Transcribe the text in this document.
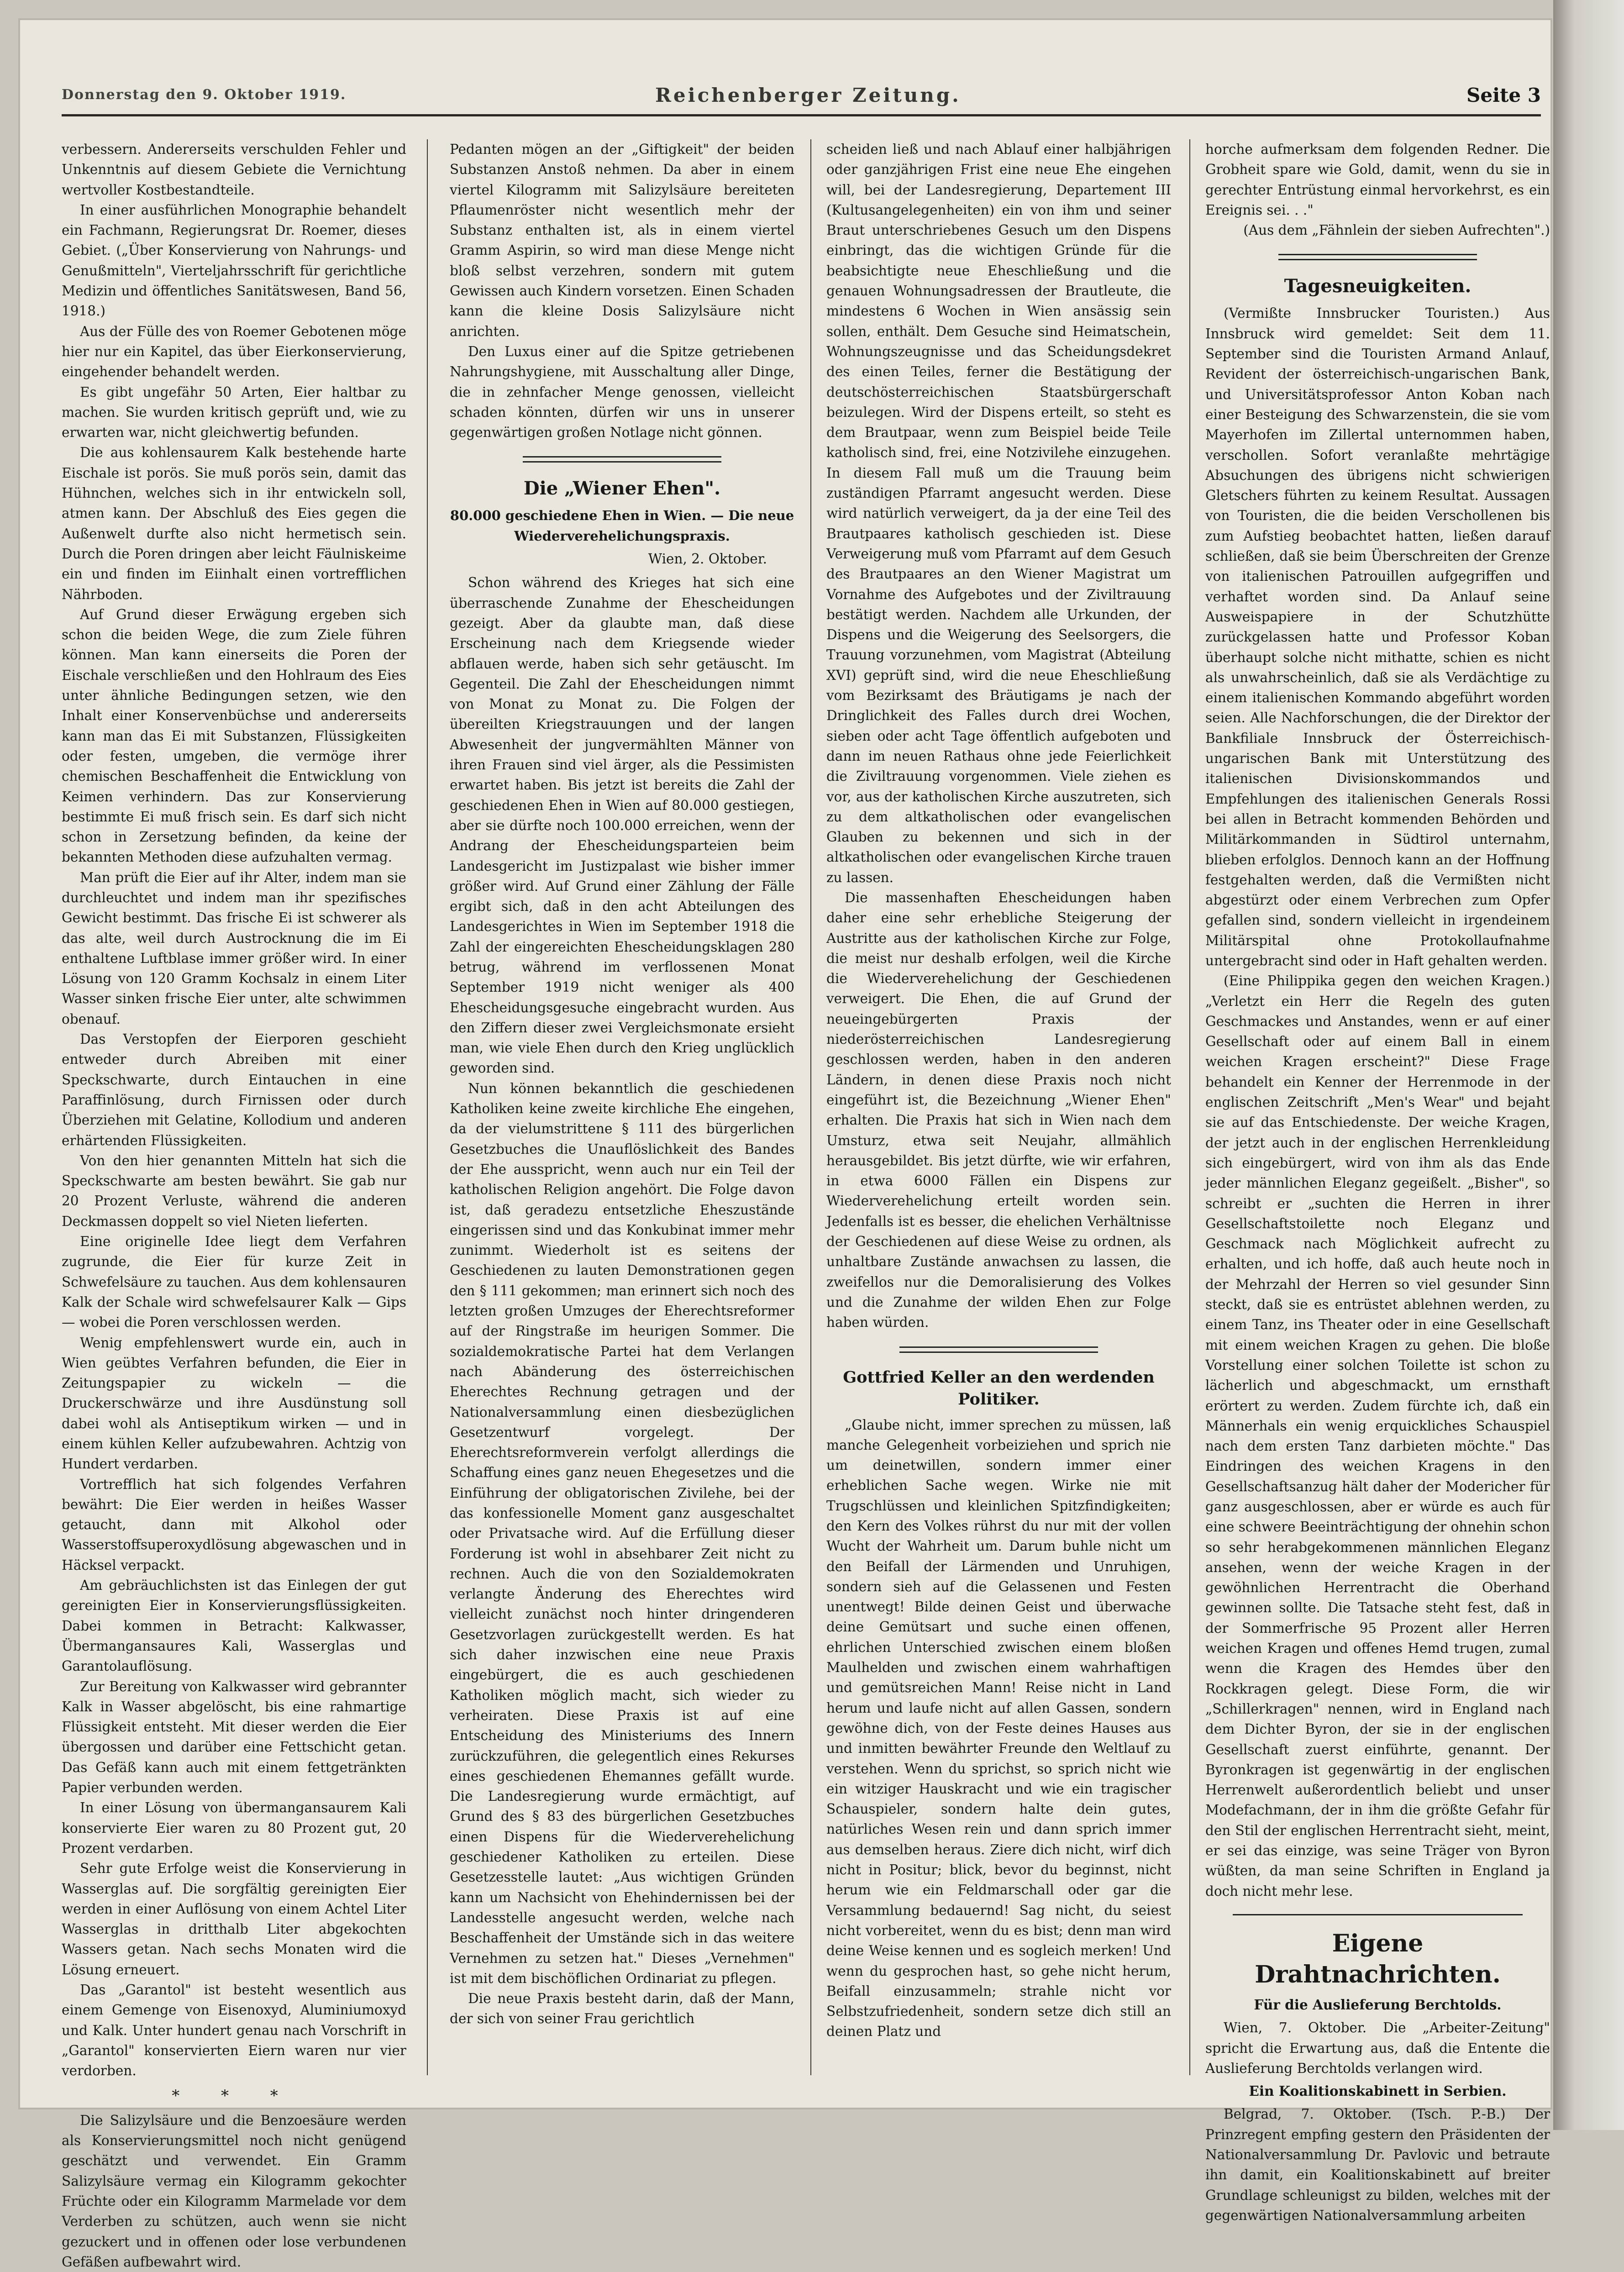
Donnerstag den 9. Oktober 1919.	Reichenberger Zeitung.	Seite 3

verbessern. Andererseits verschulden Fehler und Unkenntnis auf diesem Gebiete die Vernichtung wertvoller Kostbestandteile.

In einer ausführlichen Monographie behandelt ein Fachmann, Regierungsrat Dr. Roemer, dieses Gebiet. („Über Konservierung von Nahrungs- und Genußmitteln", Vierteljahrsschrift für gerichtliche Medizin und öffentliches Sanitätswesen, Band 56, 1918.)

Aus der Fülle des von Roemer Gebotenen möge hier nur ein Kapitel, das über Eierkonservierung, eingehender behandelt werden.

Es gibt ungefähr 50 Arten, Eier haltbar zu machen. Sie wurden kritisch geprüft und, wie zu erwarten war, nicht gleichwertig befunden.

Die aus kohlensaurem Kalk bestehende harte Eischale ist porös. Sie muß porös sein, damit das Hühnchen, welches sich in ihr entwickeln soll, atmen kann. Der Abschluß des Eies gegen die Außenwelt durfte also nicht hermetisch sein. Durch die Poren dringen aber leicht Fäulniskeime ein und finden im Eiinhalt einen vortrefflichen Nährboden.

Auf Grund dieser Erwägung ergeben sich schon die beiden Wege, die zum Ziele führen können. Man kann einerseits die Poren der Eischale verschließen und den Hohlraum des Eies unter ähnliche Bedingungen setzen, wie den Inhalt einer Konservenbüchse und andererseits kann man das Ei mit Substanzen, Flüssigkeiten oder festen, umgeben, die vermöge ihrer chemischen Beschaffenheit die Entwicklung von Keimen verhindern. Das zur Konservierung bestimmte Ei muß frisch sein. Es darf sich nicht schon in Zersetzung befinden, da keine der bekannten Methoden diese aufzuhalten vermag.

Man prüft die Eier auf ihr Alter, indem man sie durchleuchtet und indem man ihr spezifisches Gewicht bestimmt. Das frische Ei ist schwerer als das alte, weil durch Austrocknung die im Ei enthaltene Luftblase immer größer wird. In einer Lösung von 120 Gramm Kochsalz in einem Liter Wasser sinken frische Eier unter, alte schwimmen obenauf.

Das Verstopfen der Eierporen geschieht entweder durch Abreiben mit einer Speckschwarte, durch Eintauchen in eine Paraffinlösung, durch Firnissen oder durch Überziehen mit Gelatine, Kollodium und anderen erhärtenden Flüssigkeiten.

Von den hier genannten Mitteln hat sich die Speckschwarte am besten bewährt. Sie gab nur 20 Prozent Verluste, während die anderen Deckmassen doppelt so viel Nieten lieferten.

Eine originelle Idee liegt dem Verfahren zugrunde, die Eier für kurze Zeit in Schwefelsäure zu tauchen. Aus dem kohlensauren Kalk der Schale wird schwefelsaurer Kalk — Gips — wobei die Poren verschlossen werden.

Wenig empfehlenswert wurde ein, auch in Wien geübtes Verfahren befunden, die Eier in Zeitungspapier zu wickeln — die Druckerschwärze und ihre Ausdünstung soll dabei wohl als Antiseptikum wirken — und in einem kühlen Keller aufzubewahren. Achtzig von Hundert verdarben.

Vortrefflich hat sich folgendes Verfahren bewährt: Die Eier werden in heißes Wasser getaucht, dann mit Alkohol oder Wasserstoffsuperoxydlösung abgewaschen und in Häcksel verpackt.

Am gebräuchlichsten ist das Einlegen der gut gereinigten Eier in Konservierungsflüssigkeiten. Dabei kommen in Betracht: Kalkwasser, Übermangansaures Kali, Wasserglas und Garantolauflösung.

Zur Bereitung von Kalkwasser wird gebrannter Kalk in Wasser abgelöscht, bis eine rahmartige Flüssigkeit entsteht. Mit dieser werden die Eier übergossen und darüber eine Fettschicht getan. Das Gefäß kann auch mit einem fettgetränkten Papier verbunden werden.

In einer Lösung von übermangansaurem Kali konservierte Eier waren zu 80 Prozent gut, 20 Prozent verdarben.

Sehr gute Erfolge weist die Konservierung in Wasserglas auf. Die sorgfältig gereinigten Eier werden in einer Auflösung von einem Achtel Liter Wasserglas in dritthalb Liter abgekochten Wassers getan. Nach sechs Monaten wird die Lösung erneuert.

Das „Garantol" ist besteht wesentlich aus einem Gemenge von Eisenoxyd, Aluminiumoxyd und Kalk. Unter hundert genau nach Vorschrift in „Garantol" konservierten Eiern waren nur vier verdorben.

* * *

Die Salizylsäure und die Benzoesäure werden als Konservierungsmittel noch nicht genügend geschätzt und verwendet. Ein Gramm Salizylsäure vermag ein Kilogramm gekochter Früchte oder ein Kilogramm Marmelade vor dem Verderben zu schützen, auch wenn sie nicht gezuckert und in offenen oder lose verbundenen Gefäßen aufbewahrt wird.

Pedanten mögen an der „Giftigkeit" der beiden Substanzen Anstoß nehmen. Da aber in einem viertel Kilogramm mit Salizylsäure bereiteten Pflaumenröster nicht wesentlich mehr der Substanz enthalten ist, als in einem viertel Gramm Aspirin, so wird man diese Menge nicht bloß selbst verzehren, sondern mit gutem Gewissen auch Kindern vorsetzen. Einen Schaden kann die kleine Dosis Salizylsäure nicht anrichten.

Den Luxus einer auf die Spitze getriebenen Nahrungshygiene, mit Ausschaltung aller Dinge, die in zehnfacher Menge genossen, vielleicht schaden könnten, dürfen wir uns in unserer gegenwärtigen großen Notlage nicht gönnen.

Die „Wiener Ehen".
80.000 geschiedene Ehen in Wien. — Die neue Wiederverehelichungspraxis.
Wien, 2. Oktober.

Schon während des Krieges hat sich eine überraschende Zunahme der Ehescheidungen gezeigt. Aber da glaubte man, daß diese Erscheinung nach dem Kriegsende wieder abflauen werde, haben sich sehr getäuscht. Im Gegenteil. Die Zahl der Ehescheidungen nimmt von Monat zu Monat zu. Die Folgen der übereilten Kriegstrauungen und der langen Abwesenheit der jungvermählten Männer von ihren Frauen sind viel ärger, als die Pessimisten erwartet haben. Bis jetzt ist bereits die Zahl der geschiedenen Ehen in Wien auf 80.000 gestiegen, aber sie dürfte noch 100.000 erreichen, wenn der Andrang der Ehescheidungsparteien beim Landesgericht im Justizpalast wie bisher immer größer wird. Auf Grund einer Zählung der Fälle ergibt sich, daß in den acht Abteilungen des Landesgerichtes in Wien im September 1918 die Zahl der eingereichten Ehescheidungsklagen 280 betrug, während im verflossenen Monat September 1919 nicht weniger als 400 Ehescheidungsgesuche eingebracht wurden. Aus den Ziffern dieser zwei Vergleichsmonate ersieht man, wie viele Ehen durch den Krieg unglücklich geworden sind.

Nun können bekanntlich die geschiedenen Katholiken keine zweite kirchliche Ehe eingehen, da der vielumstrittene § 111 des bürgerlichen Gesetzbuches die Unauflöslichkeit des Bandes der Ehe ausspricht, wenn auch nur ein Teil der katholischen Religion angehört. Die Folge davon ist, daß geradezu entsetzliche Eheszustände eingerissen sind und das Konkubinat immer mehr zunimmt. Wiederholt ist es seitens der Geschiedenen zu lauten Demonstrationen gegen den § 111 gekommen; man erinnert sich noch des letzten großen Umzuges der Eherechtsreformer auf der Ringstraße im heurigen Sommer. Die sozialdemokratische Partei hat dem Verlangen nach Abänderung des österreichischen Eherechtes Rechnung getragen und der Nationalversammlung einen diesbezüglichen Gesetzentwurf vorgelegt. Der Eherechtsreformverein verfolgt allerdings die Schaffung eines ganz neuen Ehegesetzes und die Einführung der obligatorischen Zivilehe, bei der das konfessionelle Moment ganz ausgeschaltet oder Privatsache wird. Auf die Erfüllung dieser Forderung ist wohl in absehbarer Zeit nicht zu rechnen. Auch die von den Sozialdemokraten verlangte Änderung des Eherechtes wird vielleicht zunächst noch hinter dringenderen Gesetzvorlagen zurückgestellt werden. Es hat sich daher inzwischen eine neue Praxis eingebürgert, die es auch geschiedenen Katholiken möglich macht, sich wieder zu verheiraten. Diese Praxis ist auf eine Entscheidung des Ministeriums des Innern zurückzuführen, die gelegentlich eines Rekurses eines geschiedenen Ehemannes gefällt wurde. Die Landesregierung wurde ermächtigt, auf Grund des § 83 des bürgerlichen Gesetzbuches einen Dispens für die Wiederverehelichung geschiedener Katholiken zu erteilen. Diese Gesetzesstelle lautet: „Aus wichtigen Gründen kann um Nachsicht von Ehehindernissen bei der Landesstelle angesucht werden, welche nach Beschaffenheit der Umstände sich in das weitere Vernehmen zu setzen hat." Dieses „Vernehmen" ist mit dem bischöflichen Ordinariat zu pflegen.

Die neue Praxis besteht darin, daß der Mann, der sich von seiner Frau gerichtlich

scheiden ließ und nach Ablauf einer halbjährigen oder ganzjährigen Frist eine neue Ehe eingehen will, bei der Landesregierung, Departement III (Kultusangelegenheiten) ein von ihm und seiner Braut unterschriebenes Gesuch um den Dispens einbringt, das die wichtigen Gründe für die beabsichtigte neue Eheschließung und die genauen Wohnungsadressen der Brautleute, die mindestens 6 Wochen in Wien ansässig sein sollen, enthält. Dem Gesuche sind Heimatschein, Wohnungszeugnisse und das Scheidungsdekret des einen Teiles, ferner die Bestätigung der deutschösterreichischen Staatsbürgerschaft beizulegen. Wird der Dispens erteilt, so steht es dem Brautpaar, wenn zum Beispiel beide Teile katholisch sind, frei, eine Notzivilehe einzugehen. In diesem Fall muß um die Trauung beim zuständigen Pfarramt angesucht werden. Diese wird natürlich verweigert, da ja der eine Teil des Brautpaares katholisch geschieden ist. Diese Verweigerung muß vom Pfarramt auf dem Gesuch des Brautpaares an den Wiener Magistrat um Vornahme des Aufgebotes und der Ziviltrauung bestätigt werden. Nachdem alle Urkunden, der Dispens und die Weigerung des Seelsorgers, die Trauung vorzunehmen, vom Magistrat (Abteilung XVI) geprüft sind, wird die neue Eheschließung vom Bezirksamt des Bräutigams je nach der Dringlichkeit des Falles durch drei Wochen, sieben oder acht Tage öffentlich aufgeboten und dann im neuen Rathaus ohne jede Feierlichkeit die Ziviltrauung vorgenommen. Viele ziehen es vor, aus der katholischen Kirche auszutreten, sich zu dem altkatholischen oder evangelischen Glauben zu bekennen und sich in der altkatholischen oder evangelischen Kirche trauen zu lassen.

Die massenhaften Ehescheidungen haben daher eine sehr erhebliche Steigerung der Austritte aus der katholischen Kirche zur Folge, die meist nur deshalb erfolgen, weil die Kirche die Wiederverehelichung der Geschiedenen verweigert. Die Ehen, die auf Grund der neueingebürgerten Praxis der niederösterreichischen Landesregierung geschlossen werden, haben in den anderen Ländern, in denen diese Praxis noch nicht eingeführt ist, die Bezeichnung „Wiener Ehen" erhalten. Die Praxis hat sich in Wien nach dem Umsturz, etwa seit Neujahr, allmählich herausgebildet. Bis jetzt dürfte, wie wir erfahren, in etwa 6000 Fällen ein Dispens zur Wiederverehelichung erteilt worden sein. Jedenfalls ist es besser, die ehelichen Verhältnisse der Geschiedenen auf diese Weise zu ordnen, als unhaltbare Zustände anwachsen zu lassen, die zweifellos nur die Demoralisierung des Volkes und die Zunahme der wilden Ehen zur Folge haben würden.

Gottfried Keller an den werdenden Politiker.

„Glaube nicht, immer sprechen zu müssen, laß manche Gelegenheit vorbeiziehen und sprich nie um deinetwillen, sondern immer einer erheblichen Sache wegen. Wirke nie mit Trugschlüssen und kleinlichen Spitzfindigkeiten; den Kern des Volkes rührst du nur mit der vollen Wucht der Wahrheit um. Darum buhle nicht um den Beifall der Lärmenden und Unruhigen, sondern sieh auf die Gelassenen und Festen unentwegt! Bilde deinen Geist und überwache deine Gemütsart und suche einen offenen, ehrlichen Unterschied zwischen einem bloßen Maulhelden und zwischen einem wahrhaftigen und gemütsreichen Mann! Reise nicht in Land herum und laufe nicht auf allen Gassen, sondern gewöhne dich, von der Feste deines Hauses aus und inmitten bewährter Freunde den Weltlauf zu verstehen. Wenn du sprichst, so sprich nicht wie ein witziger Hauskracht und wie ein tragischer Schauspieler, sondern halte dein gutes, natürliches Wesen rein und dann sprich immer aus demselben heraus. Ziere dich nicht, wirf dich nicht in Positur; blick, bevor du beginnst, nicht herum wie ein Feldmarschall oder gar die Versammlung bedauernd! Sag nicht, du seiest nicht vorbereitet, wenn du es bist; denn man wird deine Weise kennen und es sogleich merken! Und wenn du gesprochen hast, so gehe nicht herum, Beifall einzusammeln; strahle nicht vor Selbstzufriedenheit, sondern setze dich still an deinen Platz und

horche aufmerksam dem folgenden Redner. Die Grobheit spare wie Gold, damit, wenn du sie in gerechter Entrüstung einmal hervorkehrst, es ein Ereignis sei. . ."

(Aus dem „Fähnlein der sieben Aufrechten".)

Tagesneuigkeiten.

(Vermißte Innsbrucker Touristen.) Aus Innsbruck wird gemeldet: Seit dem 11. September sind die Touristen Armand Anlauf, Revident der österreichisch-ungarischen Bank, und Universitätsprofessor Anton Koban nach einer Besteigung des Schwarzenstein, die sie vom Mayerhofen im Zillertal unternommen haben, verschollen. Sofort veranlaßte mehrtägige Absuchungen des übrigens nicht schwierigen Gletschers führten zu keinem Resultat. Aussagen von Touristen, die die beiden Verschollenen bis zum Aufstieg beobachtet hatten, ließen darauf schließen, daß sie beim Überschreiten der Grenze von italienischen Patrouillen aufgegriffen und verhaftet worden sind. Da Anlauf seine Ausweispapiere in der Schutzhütte zurückgelassen hatte und Professor Koban überhaupt solche nicht mithatte, schien es nicht als unwahrscheinlich, daß sie als Verdächtige zu einem italienischen Kommando abgeführt worden seien. Alle Nachforschungen, die der Direktor der Bankfiliale Innsbruck der Österreichisch-ungarischen Bank mit Unterstützung des italienischen Divisionskommandos und Empfehlungen des italienischen Generals Rossi bei allen in Betracht kommenden Behörden und Militärkommanden in Südtirol unternahm, blieben erfolglos. Dennoch kann an der Hoffnung festgehalten werden, daß die Vermißten nicht abgestürzt oder einem Verbrechen zum Opfer gefallen sind, sondern vielleicht in irgendeinem Militärspital ohne Protokollaufnahme untergebracht sind oder in Haft gehalten werden.

(Eine Philippika gegen den weichen Kragen.) „Verletzt ein Herr die Regeln des guten Geschmackes und Anstandes, wenn er auf einer Gesellschaft oder auf einem Ball in einem weichen Kragen erscheint?" Diese Frage behandelt ein Kenner der Herrenmode in der englischen Zeitschrift „Men's Wear" und bejaht sie auf das Entschiedenste. Der weiche Kragen, der jetzt auch in der englischen Herrenkleidung sich eingebürgert, wird von ihm als das Ende jeder männlichen Eleganz gegeißelt. „Bisher", so schreibt er „suchten die Herren in ihrer Gesellschaftstoilette noch Eleganz und Geschmack nach Möglichkeit aufrecht zu erhalten, und ich hoffe, daß auch heute noch in der Mehrzahl der Herren so viel gesunder Sinn steckt, daß sie es entrüstet ablehnen werden, zu einem Tanz, ins Theater oder in eine Gesellschaft mit einem weichen Kragen zu gehen. Die bloße Vorstellung einer solchen Toilette ist schon zu lächerlich und abgeschmackt, um ernsthaft erörtert zu werden. Zudem fürchte ich, daß ein Männerhals ein wenig erquickliches Schauspiel nach dem ersten Tanz darbieten möchte." Das Eindringen des weichen Kragens in den Gesellschaftsanzug hält daher der Modericher für ganz ausgeschlossen, aber er würde es auch für eine schwere Beeinträchtigung der ohnehin schon so sehr herabgekommenen männlichen Eleganz ansehen, wenn der weiche Kragen in der gewöhnlichen Herrentracht die Oberhand gewinnen sollte. Die Tatsache steht fest, daß in der Sommerfrische 95 Prozent aller Herren weichen Kragen und offenes Hemd trugen, zumal wenn die Kragen des Hemdes über den Rockkragen gelegt. Diese Form, die wir „Schillerkragen" nennen, wird in England nach dem Dichter Byron, der sie in der englischen Gesellschaft zuerst einführte, genannt. Der Byronkragen ist gegenwärtig in der englischen Herrenwelt außerordentlich beliebt und unser Modefachmann, der in ihm die größte Gefahr für den Stil der englischen Herrentracht sieht, meint, er sei das einzige, was seine Träger von Byron wüßten, da man seine Schriften in England ja doch nicht mehr lese.

Eigene Drahtnachrichten.
Für die Auslieferung Berchtolds.

Wien, 7. Oktober. Die „Arbeiter-Zeitung" spricht die Erwartung aus, daß die Entente die Auslieferung Berchtolds verlangen wird.

Ein Koalitionskabinett in Serbien.

Belgrad, 7. Oktober. (Tsch. P.-B.) Der Prinzregent empfing gestern den Präsidenten der Nationalversammlung Dr. Pavlovic und betraute ihn damit, ein Koalitionskabinett auf breiter Grundlage schleunigst zu bilden, welches mit der gegenwärtigen Nationalversammlung arbeiten
